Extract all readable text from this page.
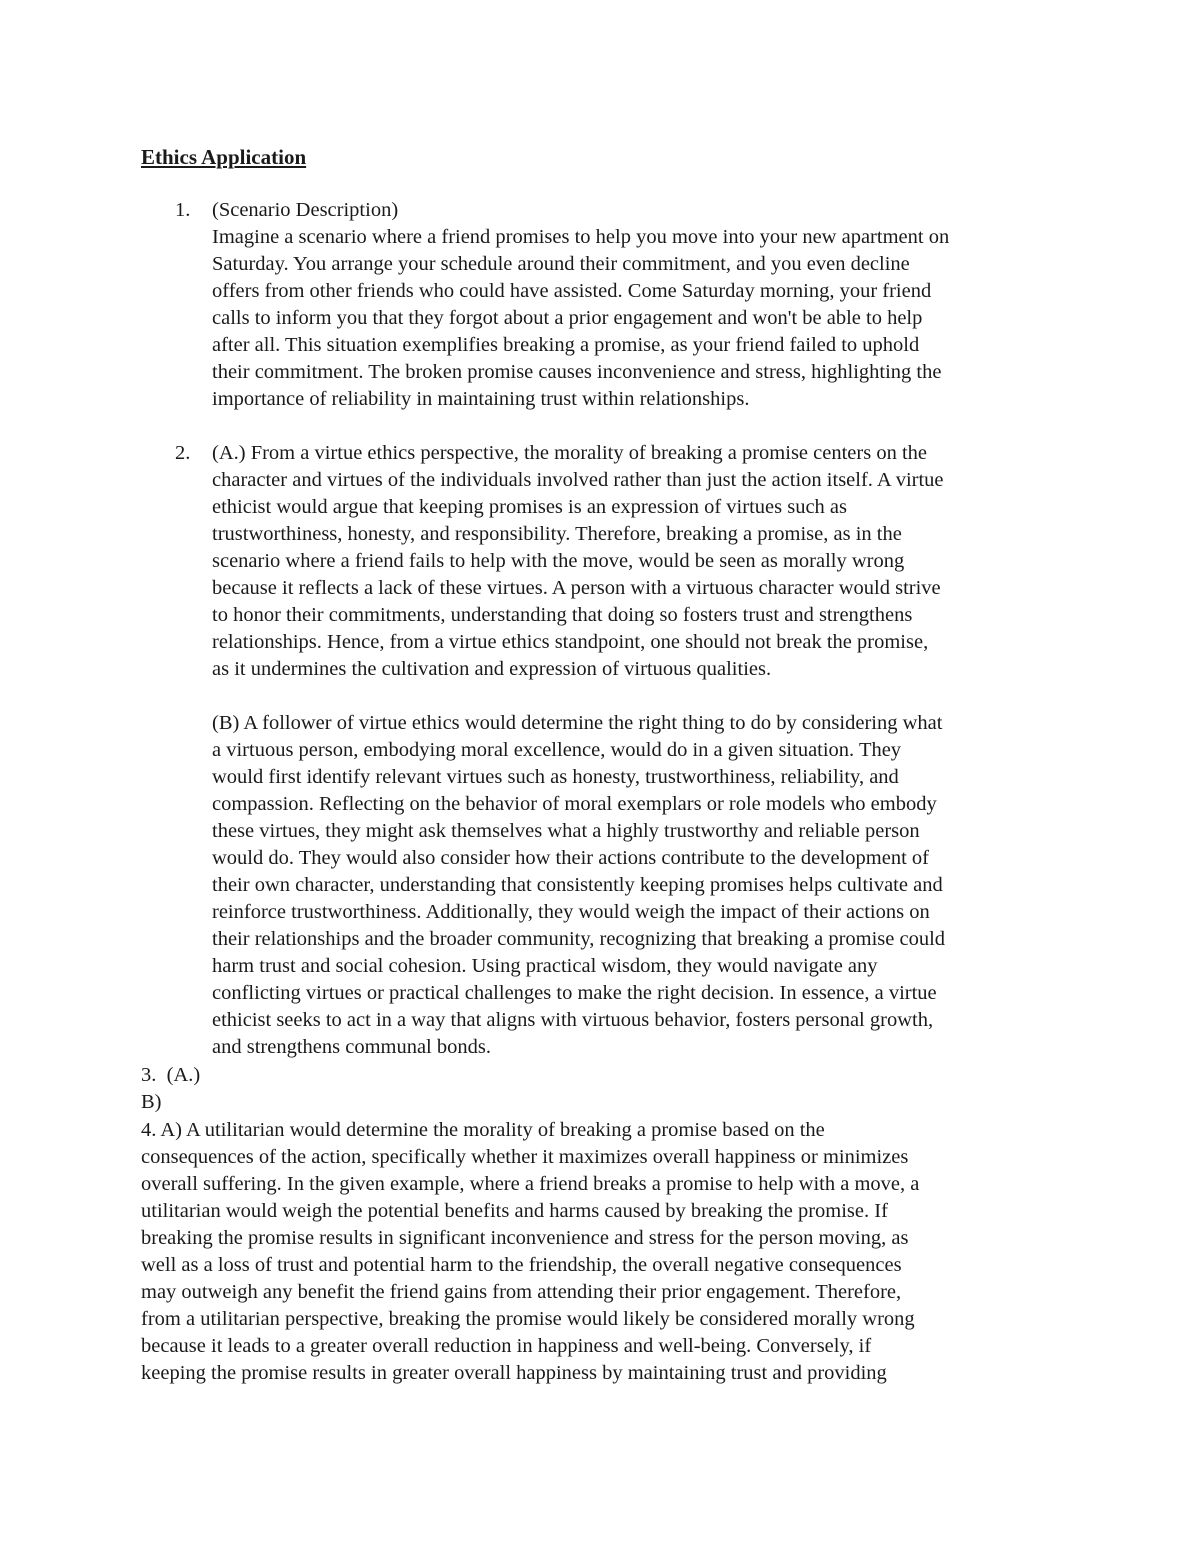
Ethics Application
1. (Scenario Description)

Imagine a scenario where a friend promises to help you move into your new apartment on
Saturday. You arrange your schedule around their commitment, and you even decline
offers from other friends who could have assisted. Come Saturday morning, your friend
calls to inform you that they forgot about a prior engagement and won't be able to help
after all. This situation exemplifies breaking a promise, as your friend failed to uphold
their commitment. The broken promise causes inconvenience and stress, highlighting the
importance of reliability in maintaining trust within relationships.

2. (A.) From a virtue ethics perspective, the morality of breaking a promise centers on the
character and virtues of the individuals involved rather than just the action itself. A virtue
ethicist would argue that keeping promises is an expression of virtues such as
trustworthiness, honesty, and responsibility. Therefore, breaking a promise, as in the
scenario where a friend fails to help with the move, would be seen as morally wrong
because it reflects a lack of these virtues. A person with a virtuous character would strive
to honor their commitments, understanding that doing so fosters trust and strengthens
relationships. Hence, from a virtue ethics standpoint, one should not break the promise,
as it undermines the cultivation and expression of virtuous qualities.

(B) A follower of virtue ethics would determine the right thing to do by considering what
a virtuous person, embodying moral excellence, would do in a given situation. They
would first identify relevant virtues such as honesty, trustworthiness, reliability, and
compassion. Reflecting on the behavior of moral exemplars or role models who embody
these virtues, they might ask themselves what a highly trustworthy and reliable person
would do. They would also consider how their actions contribute to the development of
their own character, understanding that consistently keeping promises helps cultivate and
reinforce trustworthiness. Additionally, they would weigh the impact of their actions on
their relationships and the broader community, recognizing that breaking a promise could
harm trust and social cohesion. Using practical wisdom, they would navigate any
conflicting virtues or practical challenges to make the right decision. In essence, a virtue
ethicist seeks to act in a way that aligns with virtuous behavior, fosters personal growth,
and strengthens communal bonds.

3.  (A.)

B)

4. A) A utilitarian would determine the morality of breaking a promise based on the
consequences of the action, specifically whether it maximizes overall happiness or minimizes
overall suffering. In the given example, where a friend breaks a promise to help with a move, a
utilitarian would weigh the potential benefits and harms caused by breaking the promise. If
breaking the promise results in significant inconvenience and stress for the person moving, as
well as a loss of trust and potential harm to the friendship, the overall negative consequences
may outweigh any benefit the friend gains from attending their prior engagement. Therefore,
from a utilitarian perspective, breaking the promise would likely be considered morally wrong
because it leads to a greater overall reduction in happiness and well-being. Conversely, if
keeping the promise results in greater overall happiness by maintaining trust and providing
